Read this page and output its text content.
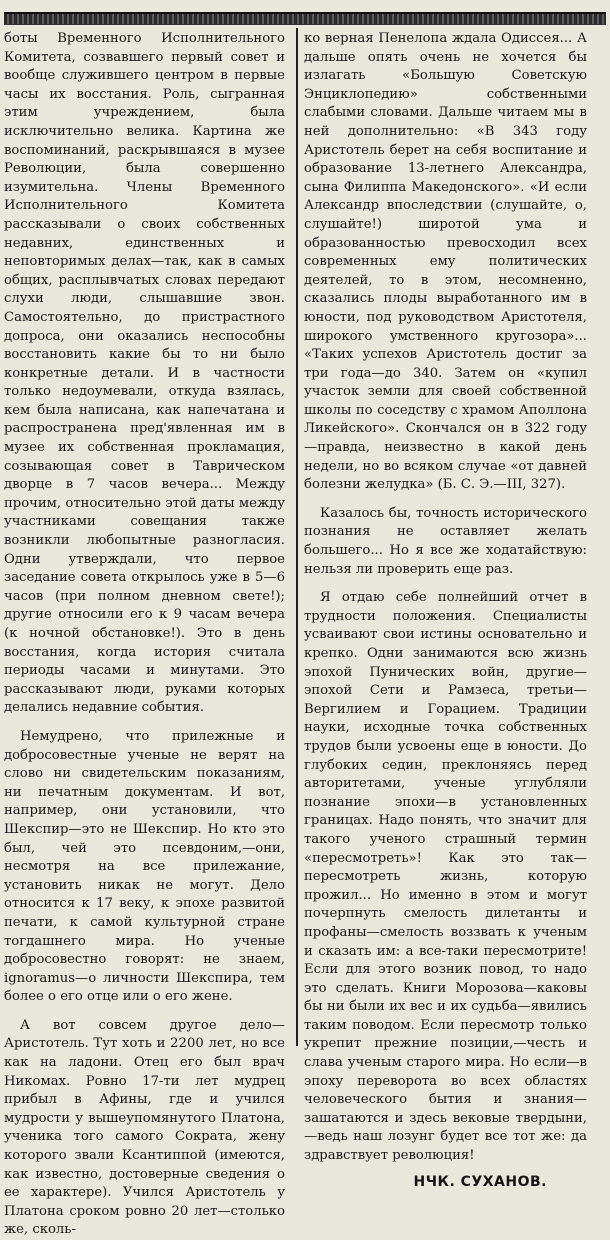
боты Временного Исполнительного Комитета, созвавшего первый совет и вообще служившего центром в первые часы их восстания. Роль, сыгранная этим учреждением, была исключительно велика. Картина же воспоминаний, раскрывшаяся в музее Революции, была совершенно изумительна. Члены Временного Исполнительного Комитета рассказывали о своих собственных недавних, единственных и неповторимых делах—так, как в самых общих, расплывчатых словах передают слухи люди, слышавшие звон. Самостоятельно, до пристрастного допроса, они оказались неспособны восстановить какие бы то ни было конкретные детали. И в частности только недоумевали, откуда взялась, кем была написана, как напечатана и распространена пред'явленная им в музее их собственная прокламация, созывающая совет в Таврическом дворце в 7 часов вечера... Между прочим, относительно этой даты между участниками совещания также возникли любопытные разногласия. Одни утверждали, что первое заседание совета открылось уже в 5—6 часов (при полном дневном свете!); другие относили его к 9 часам вечера (к ночной обстановке!). Это в день восстания, когда история считала периоды часами и минутами. Это рассказывают люди, руками которых делались недавние события.

Немудрено, что прилежные и добросовестные ученые не верят на слово ни свидетельским показаниям, ни печатным документам. И вот, например, они установили, что Шекспир—это не Шекспир. Но кто это был, чей это псевдоним,—они, несмотря на все прилежание, установить никак не могут. Дело относится к 17 веку, к эпохе развитой печати, к самой культурной стране тогдашнего мира. Но ученые добросовестно говорят: не знаем, ignoramus—о личности Шекспира, тем более о его отце или о его жене.

А вот совсем другое дело—Аристотель. Тут хоть и 2200 лет, но все как на ладони. Отец его был врач Никомах. Ровно 17-ти лет мудрец прибыл в Афины, где и учился мудрости у вышеупомянутого Платона, ученика того самого Сократа, жену которого звали Ксантиппой (имеются, как известно, достоверные сведения о ее характере). Учился Аристотель у Платона сроком ровно 20 лет—столько же, сколь-

ко верная Пенелопа ждала Одиссея... А дальше опять очень не хочется бы излагать «Большую Советскую Энциклопедию» собственными слабыми словами. Дальше читаем мы в ней дополнительно: «В 343 году Аристотель берет на себя воспитание и образование 13-летнего Александра, сына Филиппа Македонского». «И если Александр впоследствии (слушайте, о, слушайте!) широтой ума и образованностью превосходил всех современных ему политических деятелей, то в этом, несомненно, сказались плоды выработанного им в юности, под руководством Аристотеля, широкого умственного кругозора»... «Таких успехов Аристотель достиг за три года—до 340. Затем он «купил участок земли для своей собственной школы по соседству с храмом Аполлона Ликейского». Скончался он в 322 году—правда, неизвестно в какой день недели, но во всяком случае «от давней болезни желудка» (Б. С. Э.—III, 327).

Казалось бы, точность исторического познания не оставляет желать большего... Но я все же ходатайствую: нельзя ли проверить еще раз.

Я отдаю себе полнейший отчет в трудности положения. Специалисты усваивают свои истины основательно и крепко. Одни занимаются всю жизнь эпохой Пунических войн, другие—эпохой Сети и Рамзеса, третьи—Вергилием и Горацием. Традиции науки, исходные точка собственных трудов были усвоены еще в юности. До глубоких седин, преклоняясь перед авторитетами, ученые углубляли познание эпохи—в установленных границах. Надо понять, что значит для такого ученого страшный термин «пересмотреть»! Как это так—пересмотреть жизнь, которую прожил... Но именно в этом и могут почерпнуть смелость дилетанты и профаны—смелость воззвать к ученым и сказать им: а все-таки пересмотрите! Если для этого возник повод, то надо это сделать. Книги Морозова—каковы бы ни были их вес и их судьба—явились таким поводом. Если пересмотр только укрепит прежние позиции,—честь и слава ученым старого мира. Но если—в эпоху переворота во всех областях человеческого бытия и знания—зашатаются и здесь вековые твердыни,—ведь наш лозунг будет все тот же: да здравствует революция!

НЧК. СУХАНОВ.
